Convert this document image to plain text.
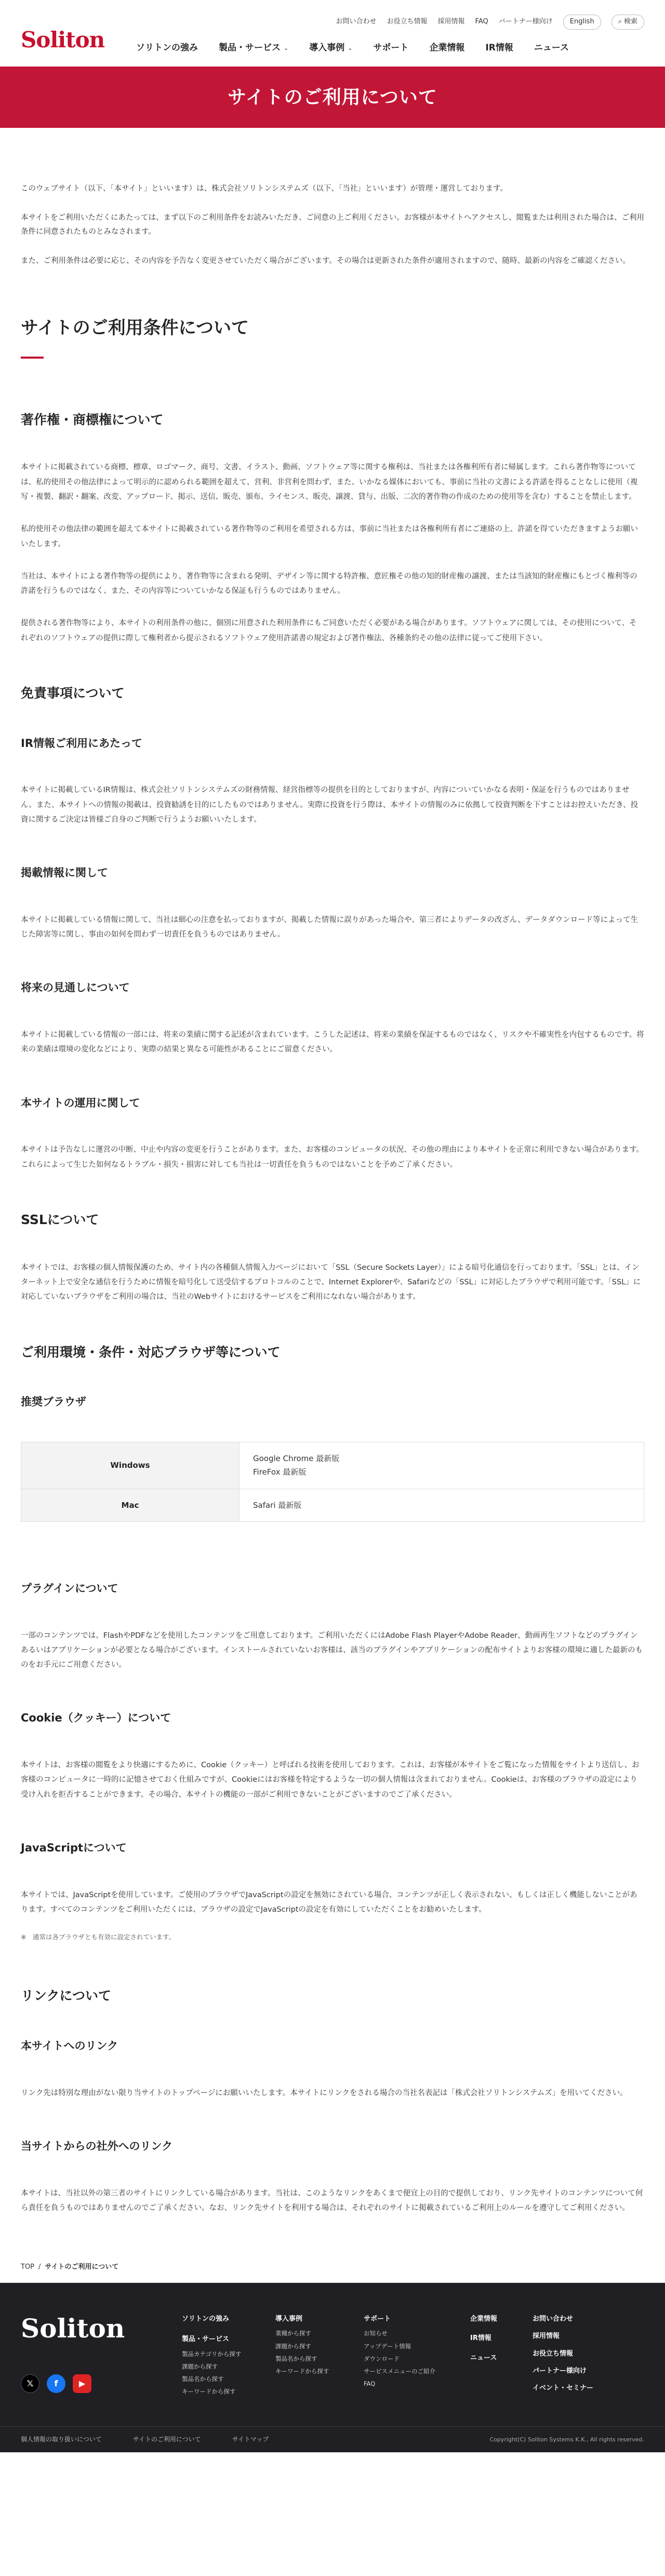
Soliton
お問い合わせ お役立ち情報 採用情報 FAQ パートナー様向け	English	⌕ 検索
ソリトンの強み 製品・サービス ⌄ 導入事例 ⌄ サポート 企業情報 IR情報 ニュース
サイトのご利用について

このウェブサイト（以下、「本サイト」といいます）は、株式会社ソリトンシステムズ（以下、「当社」といいます）が管理・運営しております。

本サイトをご利用いただくにあたっては、まず以下のご利用条件をお読みいただき、ご同意の上ご利用ください。お客様が本サイトへアクセスし、閲覧または利用された場合は、ご利用条件に同意されたものとみなされます。

また、ご利用条件は必要に応じ、その内容を予告なく変更させていただく場合がございます。その場合は更新された条件が適用されますので、随時、最新の内容をご確認ください。

サイトのご利用条件について
著作権・商標権について

本サイトに掲載されている商標、標章、ロゴマーク、商号、文書、イラスト、動画、ソフトウェア等に関する権利は、当社または各権利所有者に帰属します。これら著作物等については、私的使用その他法律によって明示的に認められる範囲を超えて、営利、非営利を問わず、また、いかなる媒体においても、事前に当社の文書による許諾を得ることなしに使用（複写・複製、翻訳・翻案、改変、アップロード、掲示、送信、販売、頒布、ライセンス、販売、譲渡、貸与、出版、二次的著作物の作成のための使用等を含む）することを禁止します。

私的使用その他法律の範囲を超えて本サイトに掲載されている著作物等のご利用を希望される方は、事前に当社または各権利所有者にご連絡の上、許諾を得ていただきますようお願いいたします。

当社は、本サイトによる著作物等の提供により、著作物等に含まれる発明、デザイン等に関する特許権、意匠権その他の知的財産権の譲渡、または当該知的財産権にもとづく権利等の許諾を行うものではなく、また、その内容等についていかなる保証も行うものではありません。

提供される著作物等により、本サイトの利用条件の他に、個別に用意された利用条件にもご同意いただく必要がある場合があります。ソフトウェアに関しては、その使用について、それぞれのソフトウェアの提供に際して権利者から提示されるソフトウェア使用許諾書の規定および著作権法、各種条約その他の法律に従ってご使用下さい。

免責事項について
IR情報ご利用にあたって

本サイトに掲載しているIR情報は、株式会社ソリトンシステムズの財務情報、経営指標等の提供を目的としておりますが、内容についていかなる表明・保証を行うものではありません。また、本サイトへの情報の掲載は、投資勧誘を目的にしたものではありません。実際に投資を行う際は、本サイトの情報のみに依拠して投資判断を下すことはお控えいただき、投資に関するご決定は皆様ご自身のご判断で行うようお願いいたします。

掲載情報に関して

本サイトに掲載している情報に関して、当社は細心の注意を払っておりますが、掲載した情報に誤りがあった場合や、第三者によりデータの改ざん、データダウンロード等によって生じた障害等に関し、事由の如何を問わず一切責任を負うものではありません。

将来の見通しについて

本サイトに掲載している情報の一部には、将来の業績に関する記述が含まれています。こうした記述は、将来の業績を保証するものではなく、リスクや不確実性を内包するものです。将来の業績は環境の変化などにより、実際の結果と異なる可能性があることにご留意ください。

本サイトの運用に関して

本サイトは予告なしに運営の中断、中止や内容の変更を行うことがあります。また、お客様のコンピュータの状況、その他の理由により本サイトを正常に利用できない場合があります。これらによって生じた如何なるトラブル・損失・損害に対しても当社は一切責任を負うものではないことを予めご了承ください。

SSLについて

本サイトでは、お客様の個人情報保護のため、サイト内の各種個人情報入力ページにおいて「SSL（Secure Sockets Layer）」による暗号化通信を行っております。「SSL」とは、インターネット上で安全な通信を行うために情報を暗号化して送受信するプロトコルのことで、Internet Explorerや、Safariなどの「SSL」に対応したブラウザで利用可能です。「SSL」に対応していないブラウザをご利用の場合は、当社のWebサイトにおけるサービスをご利用になれない場合があります。

ご利用環境・条件・対応ブラウザ等について
推奨ブラウザ
Windows	Google Chrome 最新版
FireFox 最新版
Mac	Safari 最新版
プラグインについて

一部のコンテンツでは、FlashやPDFなどを使用したコンテンツをご用意しております。ご利用いただくにはAdobe Flash PlayerやAdobe Reader、動画再生ソフトなどのプラグインあるいはアプリケーションが必要となる場合がございます。インストールされていないお客様は、該当のプラグインやアプリケーションの配布サイトよりお客様の環境に適した最新のものをお手元にご用意ください。

Cookie（クッキー）について

本サイトは、お客様の閲覧をより快適にするために、Cookie（クッキー）と呼ばれる技術を使用しております。これは、お客様が本サイトをご覧になった情報をサイトより送信し、お客様のコンピュータに一時的に記憶させておく仕組みですが、Cookieにはお客様を特定するような一切の個人情報は含まれておりません。Cookieは、お客様のブラウザの設定により受け入れを拒否することができます。その場合、本サイトの機能の一部がご利用できないことがございますのでご了承ください。

JavaScriptについて

本サイトでは、JavaScriptを使用しています。ご使用のブラウザでJavaScriptの設定を無効にされている場合、コンテンツが正しく表示されない、もしくは正しく機能しないことがあります。すべてのコンテンツをご利用いただくには、ブラウザの設定でJavaScriptの設定を有効にしていただくことをお勧めいたします。

※　通常は各ブラウザとも有効に設定されています。

リンクについて
本サイトへのリンク

リンク先は特別な理由がない限り当サイトのトップページにお願いいたします。本サイトにリンクをされる場合の当社名表記は「株式会社ソリトンシステムズ」を用いてください。

当サイトからの社外へのリンク

本サイトは、当社以外の第三者のサイトにリンクしている場合があります。当社は、このようなリンクをあくまで便宜上の目的で提供しており、リンク先サイトのコンテンツについて何ら責任を負うものではありませんのでご了承ください。なお、リンク先サイトを利用する場合は、それぞれのサイトに掲載されているご利用上のルールを遵守してご利用ください。

TOP / サイトのご利用について
Soliton
𝕏	f	▶
ソリトンの強み
製品・サービス
製品カテゴリから探す
課題から探す
製品名から探す
キーワードから探す
導入事例
業種から探す
課題から探す
製品名から探す
キーワードから探す
サポート
お知らせ
アップデート情報
ダウンロード
サービスメニューのご紹介
FAQ
企業情報
IR情報
ニュース
お問い合わせ
採用情報
お役立ち情報
パートナー様向け
イベント・セミナー
個人情報の取り扱いについて	サイトのご利用について	サイトマップ	Copyright(C) Soliton Systems K.K., All rights reserved.
